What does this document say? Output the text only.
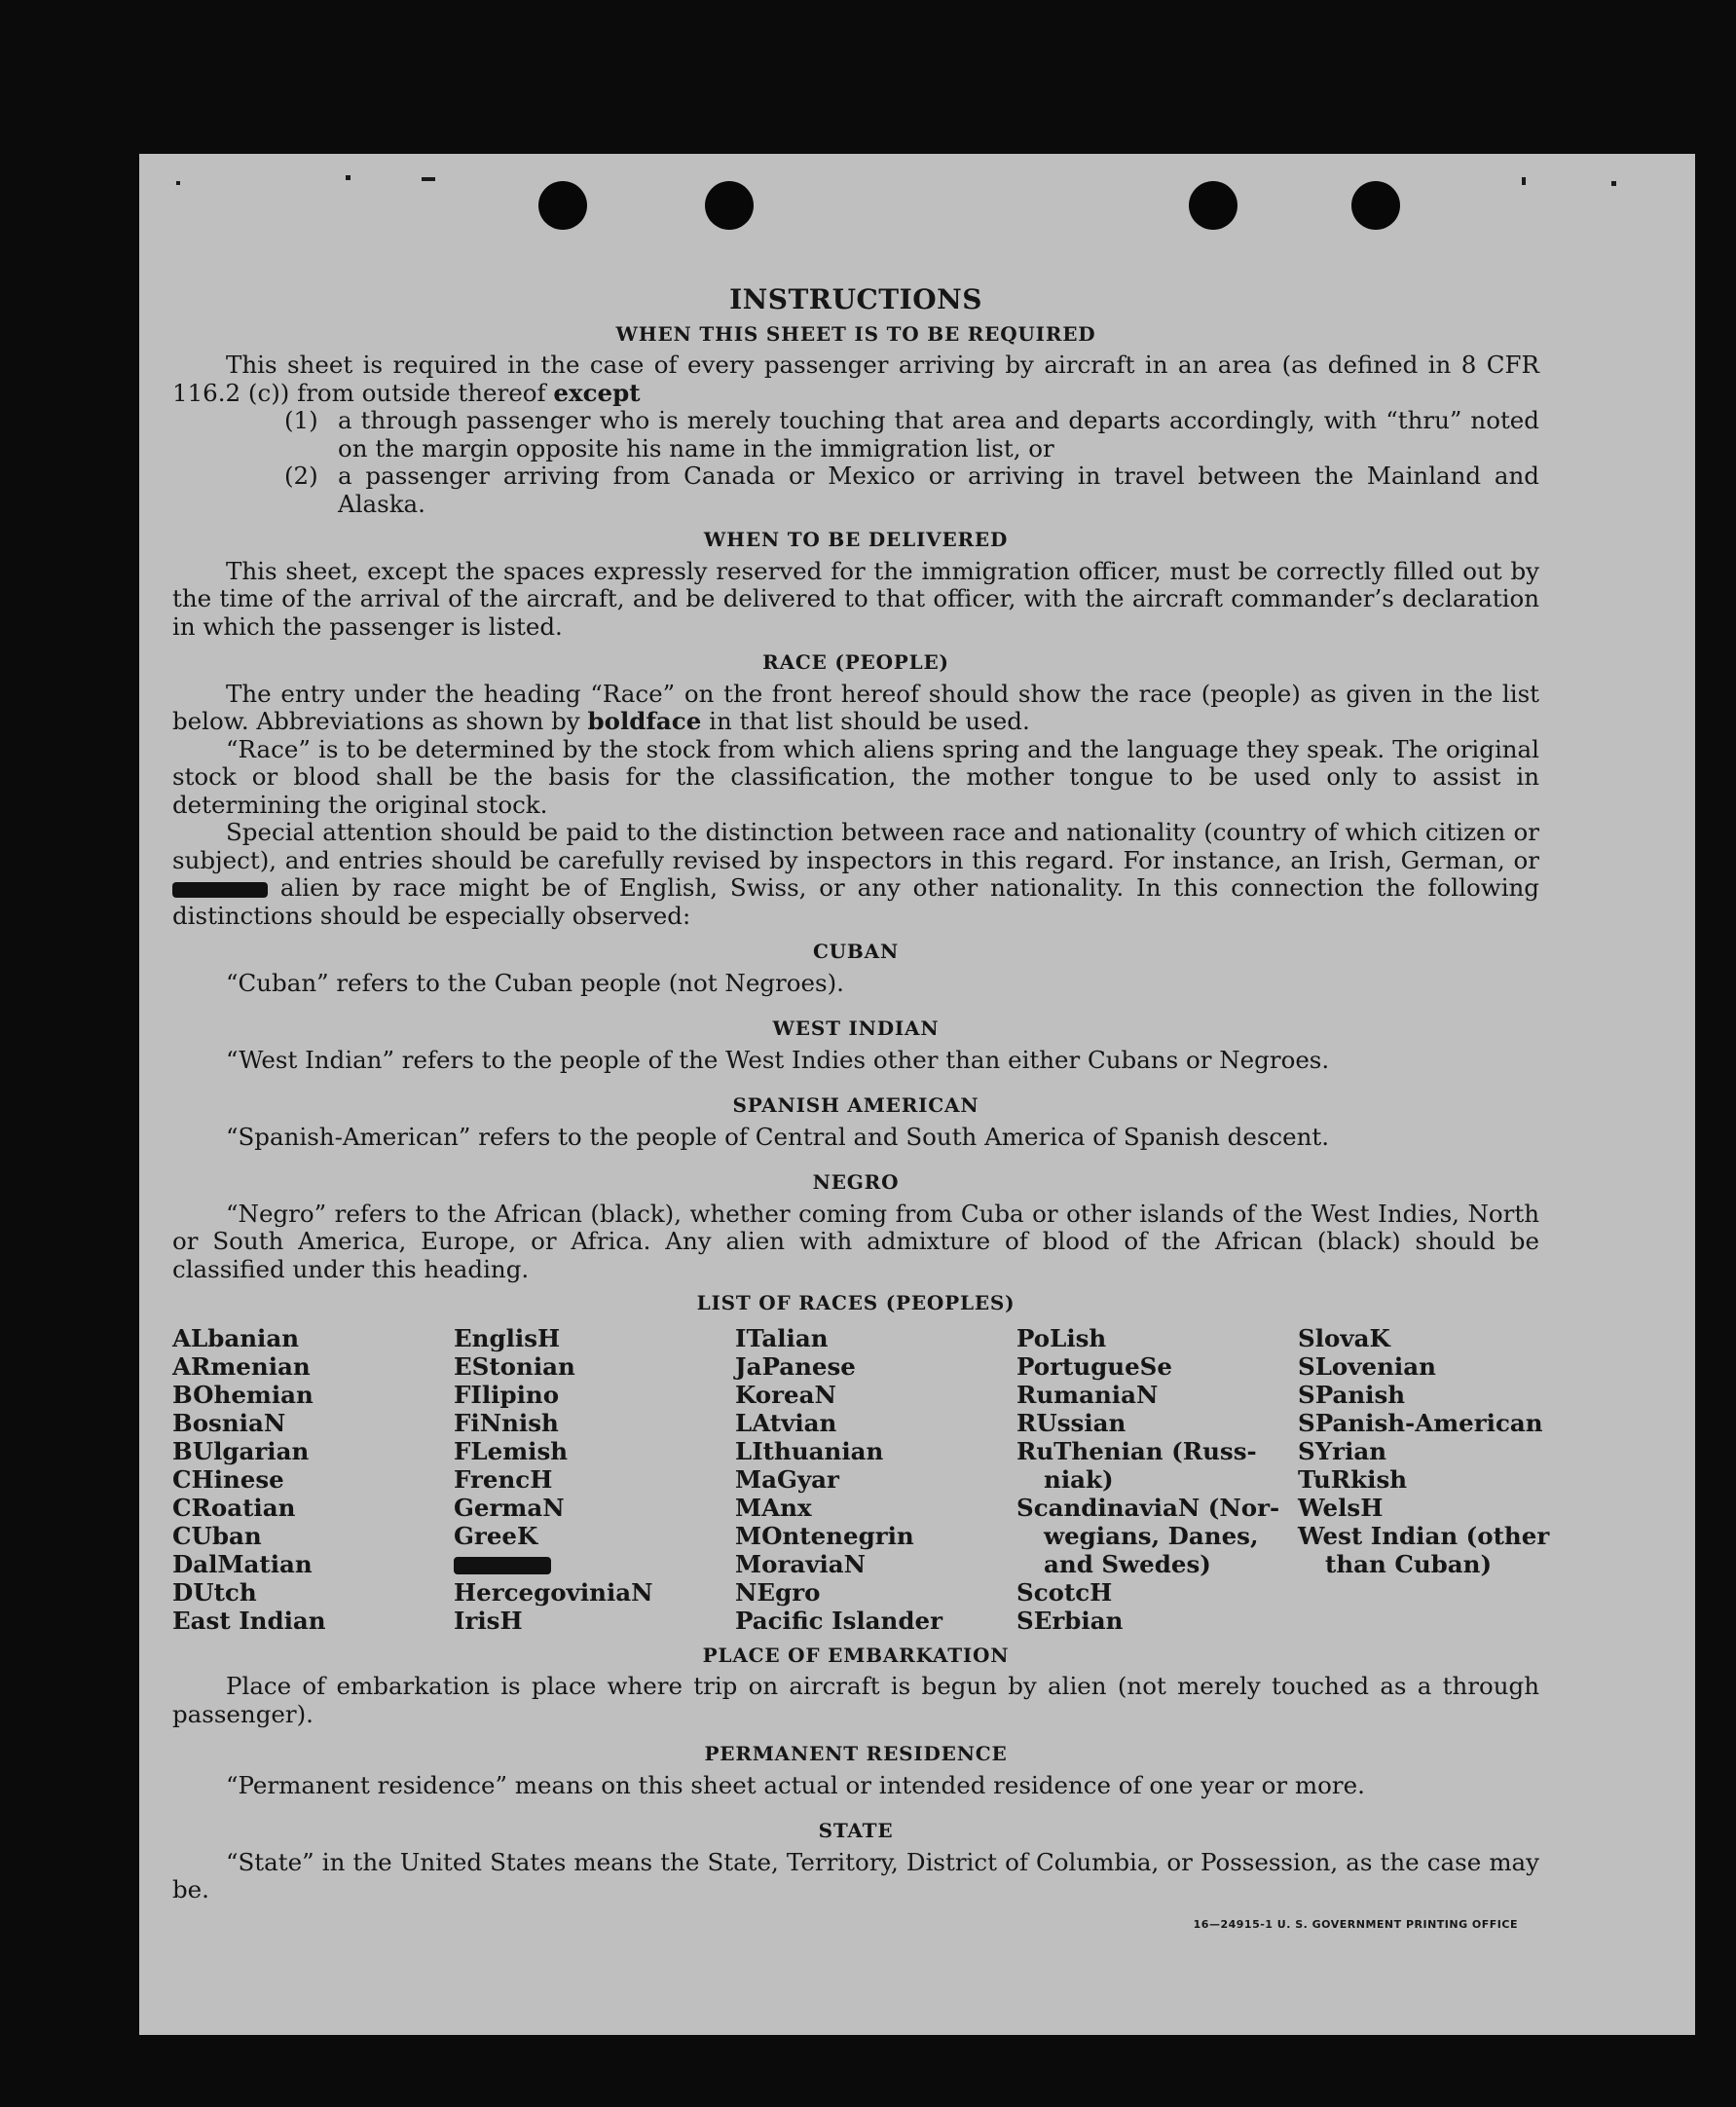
INSTRUCTIONS
WHEN THIS SHEET IS TO BE REQUIRED

This sheet is required in the case of every passenger arriving by aircraft in an area (as defined in 8 CFR 116.2 (c)) from outside thereof except

(1) a through passenger who is merely touching that area and departs accordingly, with “thru” noted on the margin opposite his name in the immigration list, or
(2) a passenger arriving from Canada or Mexico or arriving in travel between the Mainland and Alaska.
WHEN TO BE DELIVERED

This sheet, except the spaces expressly reserved for the immigration officer, must be correctly filled out by the time of the arrival of the aircraft, and be delivered to that officer, with the aircraft commander’s declaration in which the passenger is listed.

RACE (PEOPLE)

The entry under the heading “Race” on the front hereof should show the race (people) as given in the list below. Abbreviations as shown by boldface in that list should be used.

“Race” is to be determined by the stock from which aliens spring and the language they speak. The original stock or blood shall be the basis for the classification, the mother tongue to be used only to assist in determining the original stock.

Special attention should be paid to the distinction between race and nationality (country of which citizen or subject), and entries should be carefully revised by inspectors in this regard. For instance, an Irish, German, or  alien by race might be of English, Swiss, or any other nationality. In this connection the following distinctions should be especially observed:

CUBAN

“Cuban” refers to the Cuban people (not Negroes).

WEST INDIAN

“West Indian” refers to the people of the West Indies other than either Cubans or Negroes.

SPANISH AMERICAN

“Spanish-American” refers to the people of Central and South America of Spanish descent.

NEGRO

“Negro” refers to the African (black), whether coming from Cuba or other islands of the West Indies, North or South America, Europe, or Africa. Any alien with admixture of blood of the African (black) should be classified under this heading.

LIST OF RACES (PEOPLES)
ALbanian
ARmenian
BOhemian
BosniaN
BUlgarian
CHinese
CRoatian
CUban
DalMatian
DUtch
East Indian
EnglisH
EStonian
FIlipino
FiNnish
FLemish
FrencH
GermaN
GreeK
HercegoviniaN
IrisH
ITalian
JaPanese
KoreaN
LAtvian
LIthuanian
MaGyar
MAnx
MOntenegrin
MoraviaN
NEgro
Pacific Islander
PoLish
PortugueSe
RumaniaN
RUssian
RuThenian (Russ-
niak)
ScandinaviaN (Nor-
wegians, Danes,
and Swedes)
ScotcH
SErbian
SlovaK
SLovenian
SPanish
SPanish-American
SYrian
TuRkish
WelsH
West Indian (other
than Cuban)
PLACE OF EMBARKATION

Place of embarkation is place where trip on aircraft is begun by alien (not merely touched as a through passenger).

PERMANENT RESIDENCE

“Permanent residence” means on this sheet actual or intended residence of one year or more.

STATE

“State” in the United States means the State, Territory, District of Columbia, or Possession, as the case may be.

16—24915-1 U. S. GOVERNMENT PRINTING OFFICE
